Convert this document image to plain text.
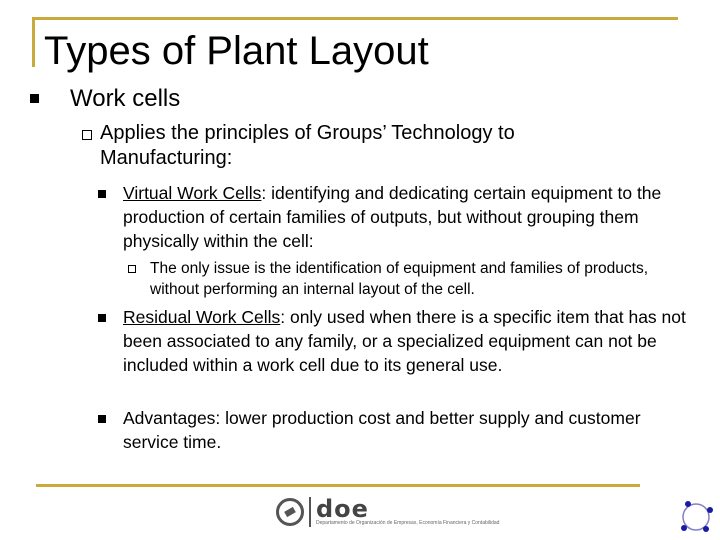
Types of Plant Layout
Work cells
Applies the principles of Groups’ Technology to Manufacturing:
Virtual Work Cells: identifying and dedicating certain equipment to the production of certain families of outputs, but without grouping them physically within the cell:
The only issue is the identification of equipment and families of products, without performing an internal layout of the cell.
Residual Work Cells: only used when there is a specific item that has not been associated to any family, or a specialized equipment can not be included within a work cell due to its general use.
Advantages: lower production cost and better supply and customer service time.
doe
Departamento de Organización de Empresas, Economía Financiera y Contabilidad
